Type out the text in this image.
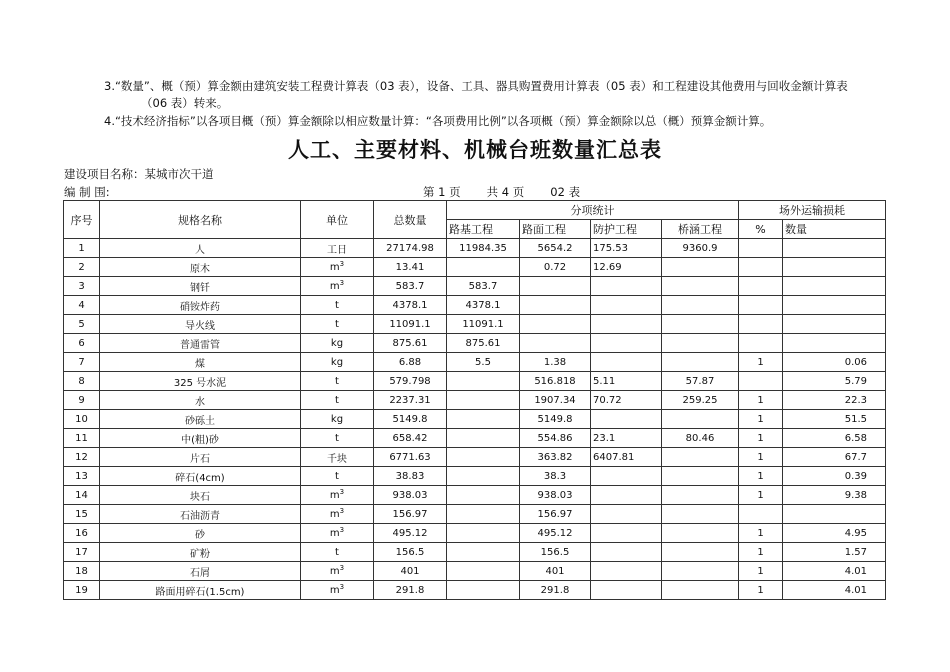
3.“数量”、概（预）算金额由建筑安装工程费计算表（03 表），设备、工具、器具购置费用计算表（05 表）和工程建设其他费用与回收金额计算表
（06 表）转来。
4.“技术经济指标”以各项目概（预）算金额除以相应数量计算：“各项费用比例”以各项概（预）算金额除以总（概）预算金额计算。
人工、主要材料、机械台班数量汇总表
建设项目名称：某城市次干道
编 制 围:	第 1 页 共 4 页 02 表
序号	规格名称	单位	总数量	分项统计				场外运输损耗	
				路基工程	路面工程	防护工程	桥涵工程	%	数量
1	人	工日	27174.98	11984.35	5654.2	175.53	9360.9		
2	原木	$m^3$	13.41		0.72	12.69			
3	钢钎	$m^3$	583.7	583.7					
4	硝铵炸药	t	4378.1	4378.1					
5	导火线	t	11091.1	11091.1					
6	普通雷管	kg	875.61	875.61					
7	煤	kg	6.88	5.5	1.38			1	0.06
8	325 号水泥	t	579.798		516.818	5.11	57.87		5.79
9	水	t	2237.31		1907.34	70.72	259.25	1	22.3
10	砂砾土	kg	5149.8		5149.8			1	51.5
11	中(粗)砂	t	658.42		554.86	23.1	80.46	1	6.58
12	片石	千块	6771.63		363.82	6407.81		1	67.7
13	碎石(4cm)	t	38.83		38.3			1	0.39
14	块石	$m^3$	938.03		938.03			1	9.38
15	石油沥青	$m^3$	156.97		156.97				
16	砂	$m^3$	495.12		495.12			1	4.95
17	矿粉	t	156.5		156.5			1	1.57
18	石屑	$m^3$	401		401			1	4.01
19	路面用碎石(1.5cm)	$m^3$	291.8		291.8			1	4.01
